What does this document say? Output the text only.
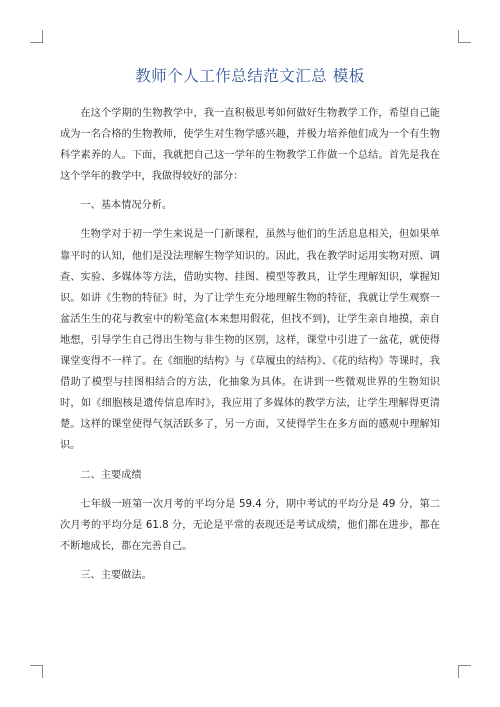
教师个人工作总结范文汇总 模板

在这个学期的生物教学中，我一直积极思考如何做好生物教学工作，希望自己能成为一名合格的生物教师，使学生对生物学感兴趣，并极力培养他们成为一个有生物科学素养的人。下面，我就把自己这一学年的生物教学工作做一个总结。首先是我在这个学年的教学中，我做得较好的部分：

一、基本情况分析。

生物学对于初一学生来说是一门新课程，虽然与他们的生活息息相关，但如果单靠平时的认知，他们是没法理解生物学知识的。因此，我在教学时运用实物对照、调查、实验、多媒体等方法，借助实物、挂图、模型等教具，让学生理解知识，掌握知识。如讲《生物的特征》时，为了让学生充分地理解生物的特征，我就让学生观察一盆活生生的花与教室中的粉笔盒(本来想用假花，但找不到)，让学生亲自地摸，亲自地想，引导学生自己得出生物与非生物的区别，这样，课堂中引进了一盆花，就使得课堂变得不一样了。在《细胞的结构》与《草履虫的结构》、《花的结构》等课时，我借助了模型与挂图相结合的方法，化抽象为具体。在讲到一些微观世界的生物知识时，如《细胞核是遗传信息库时》，我应用了多媒体的教学方法，让学生理解得更清楚。这样的课堂使得气氛活跃多了，另一方面，又使得学生在多方面的感观中理解知识。

二、主要成绩

七年级一班第一次月考的平均分是 59.4 分，期中考试的平均分是 49 分，第二次月考的平均分是 61.8 分，无论是平常的表现还是考试成绩，他们都在进步，都在不断地成长，都在完善自己。

三、主要做法。
